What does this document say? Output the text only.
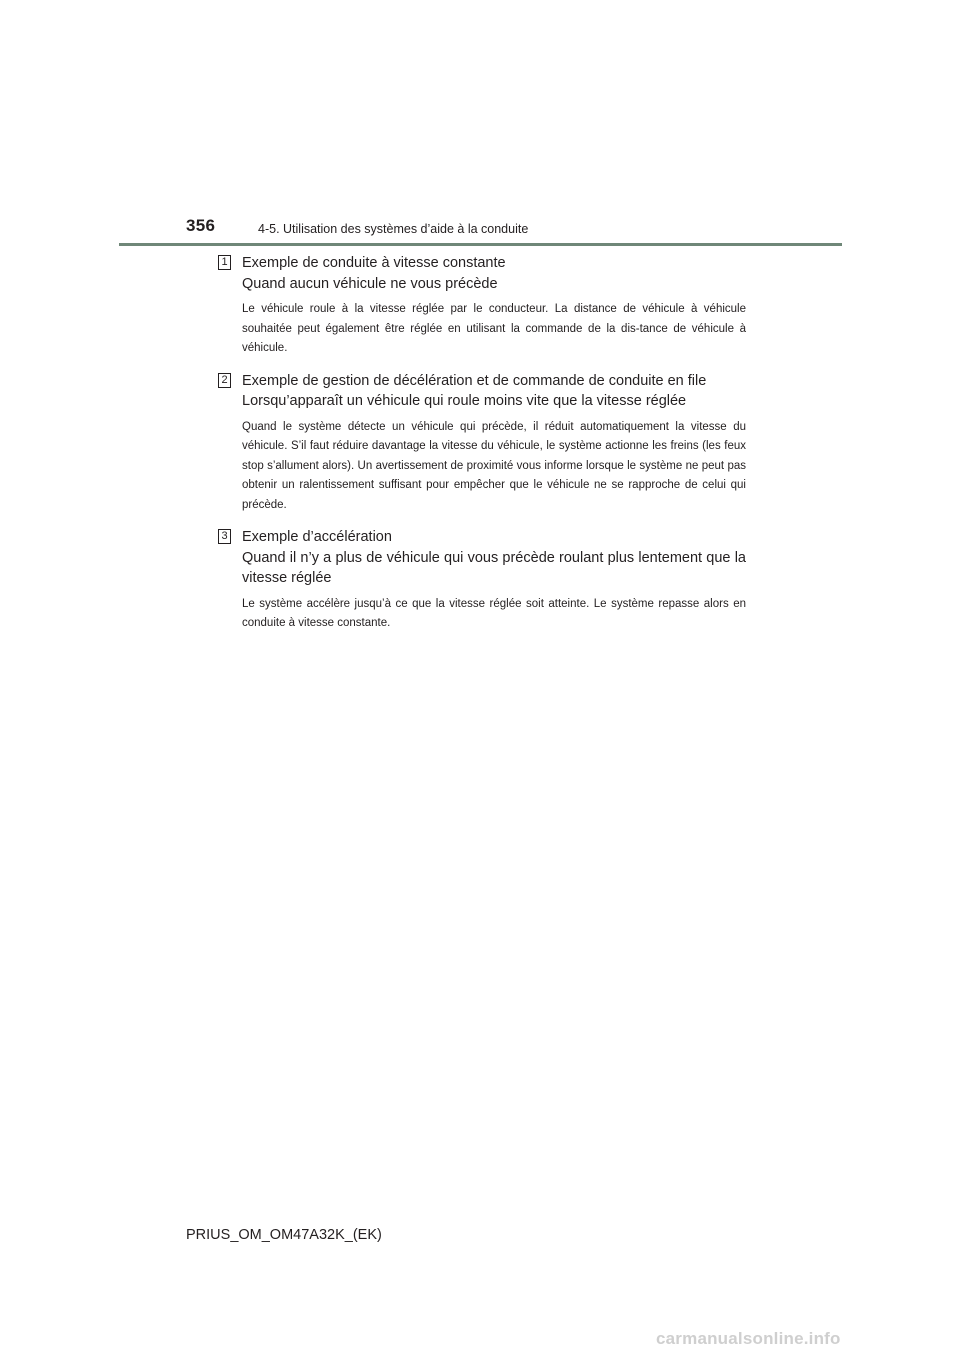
356	4-5. Utilisation des systèmes d’aide à la conduite
1 Exemple de conduite à vitesse constante
Quand aucun véhicule ne vous précède

Le véhicule roule à la vitesse réglée par le conducteur. La distance de véhicule à véhicule souhaitée peut également être réglée en utilisant la commande de la dis-tance de véhicule à véhicule.

2 Exemple de gestion de décélération et de commande de conduite en file
Lorsqu’apparaît un véhicule qui roule moins vite que la vitesse réglée

Quand le système détecte un véhicule qui précède, il réduit automatiquement la vitesse du véhicule. S’il faut réduire davantage la vitesse du véhicule, le système actionne les freins (les feux stop s’allument alors). Un avertissement de proximité vous informe lorsque le système ne peut pas obtenir un ralentissement suffisant pour empêcher que le véhicule ne se rapproche de celui qui précède.

3 Exemple d’accélération
Quand il n’y a plus de véhicule qui vous précède roulant plus lentement que la vitesse réglée

Le système accélère jusqu’à ce que la vitesse réglée soit atteinte. Le système repasse alors en conduite à vitesse constante.

PRIUS_OM_OM47A32K_(EK)
carmanualsonline.info
